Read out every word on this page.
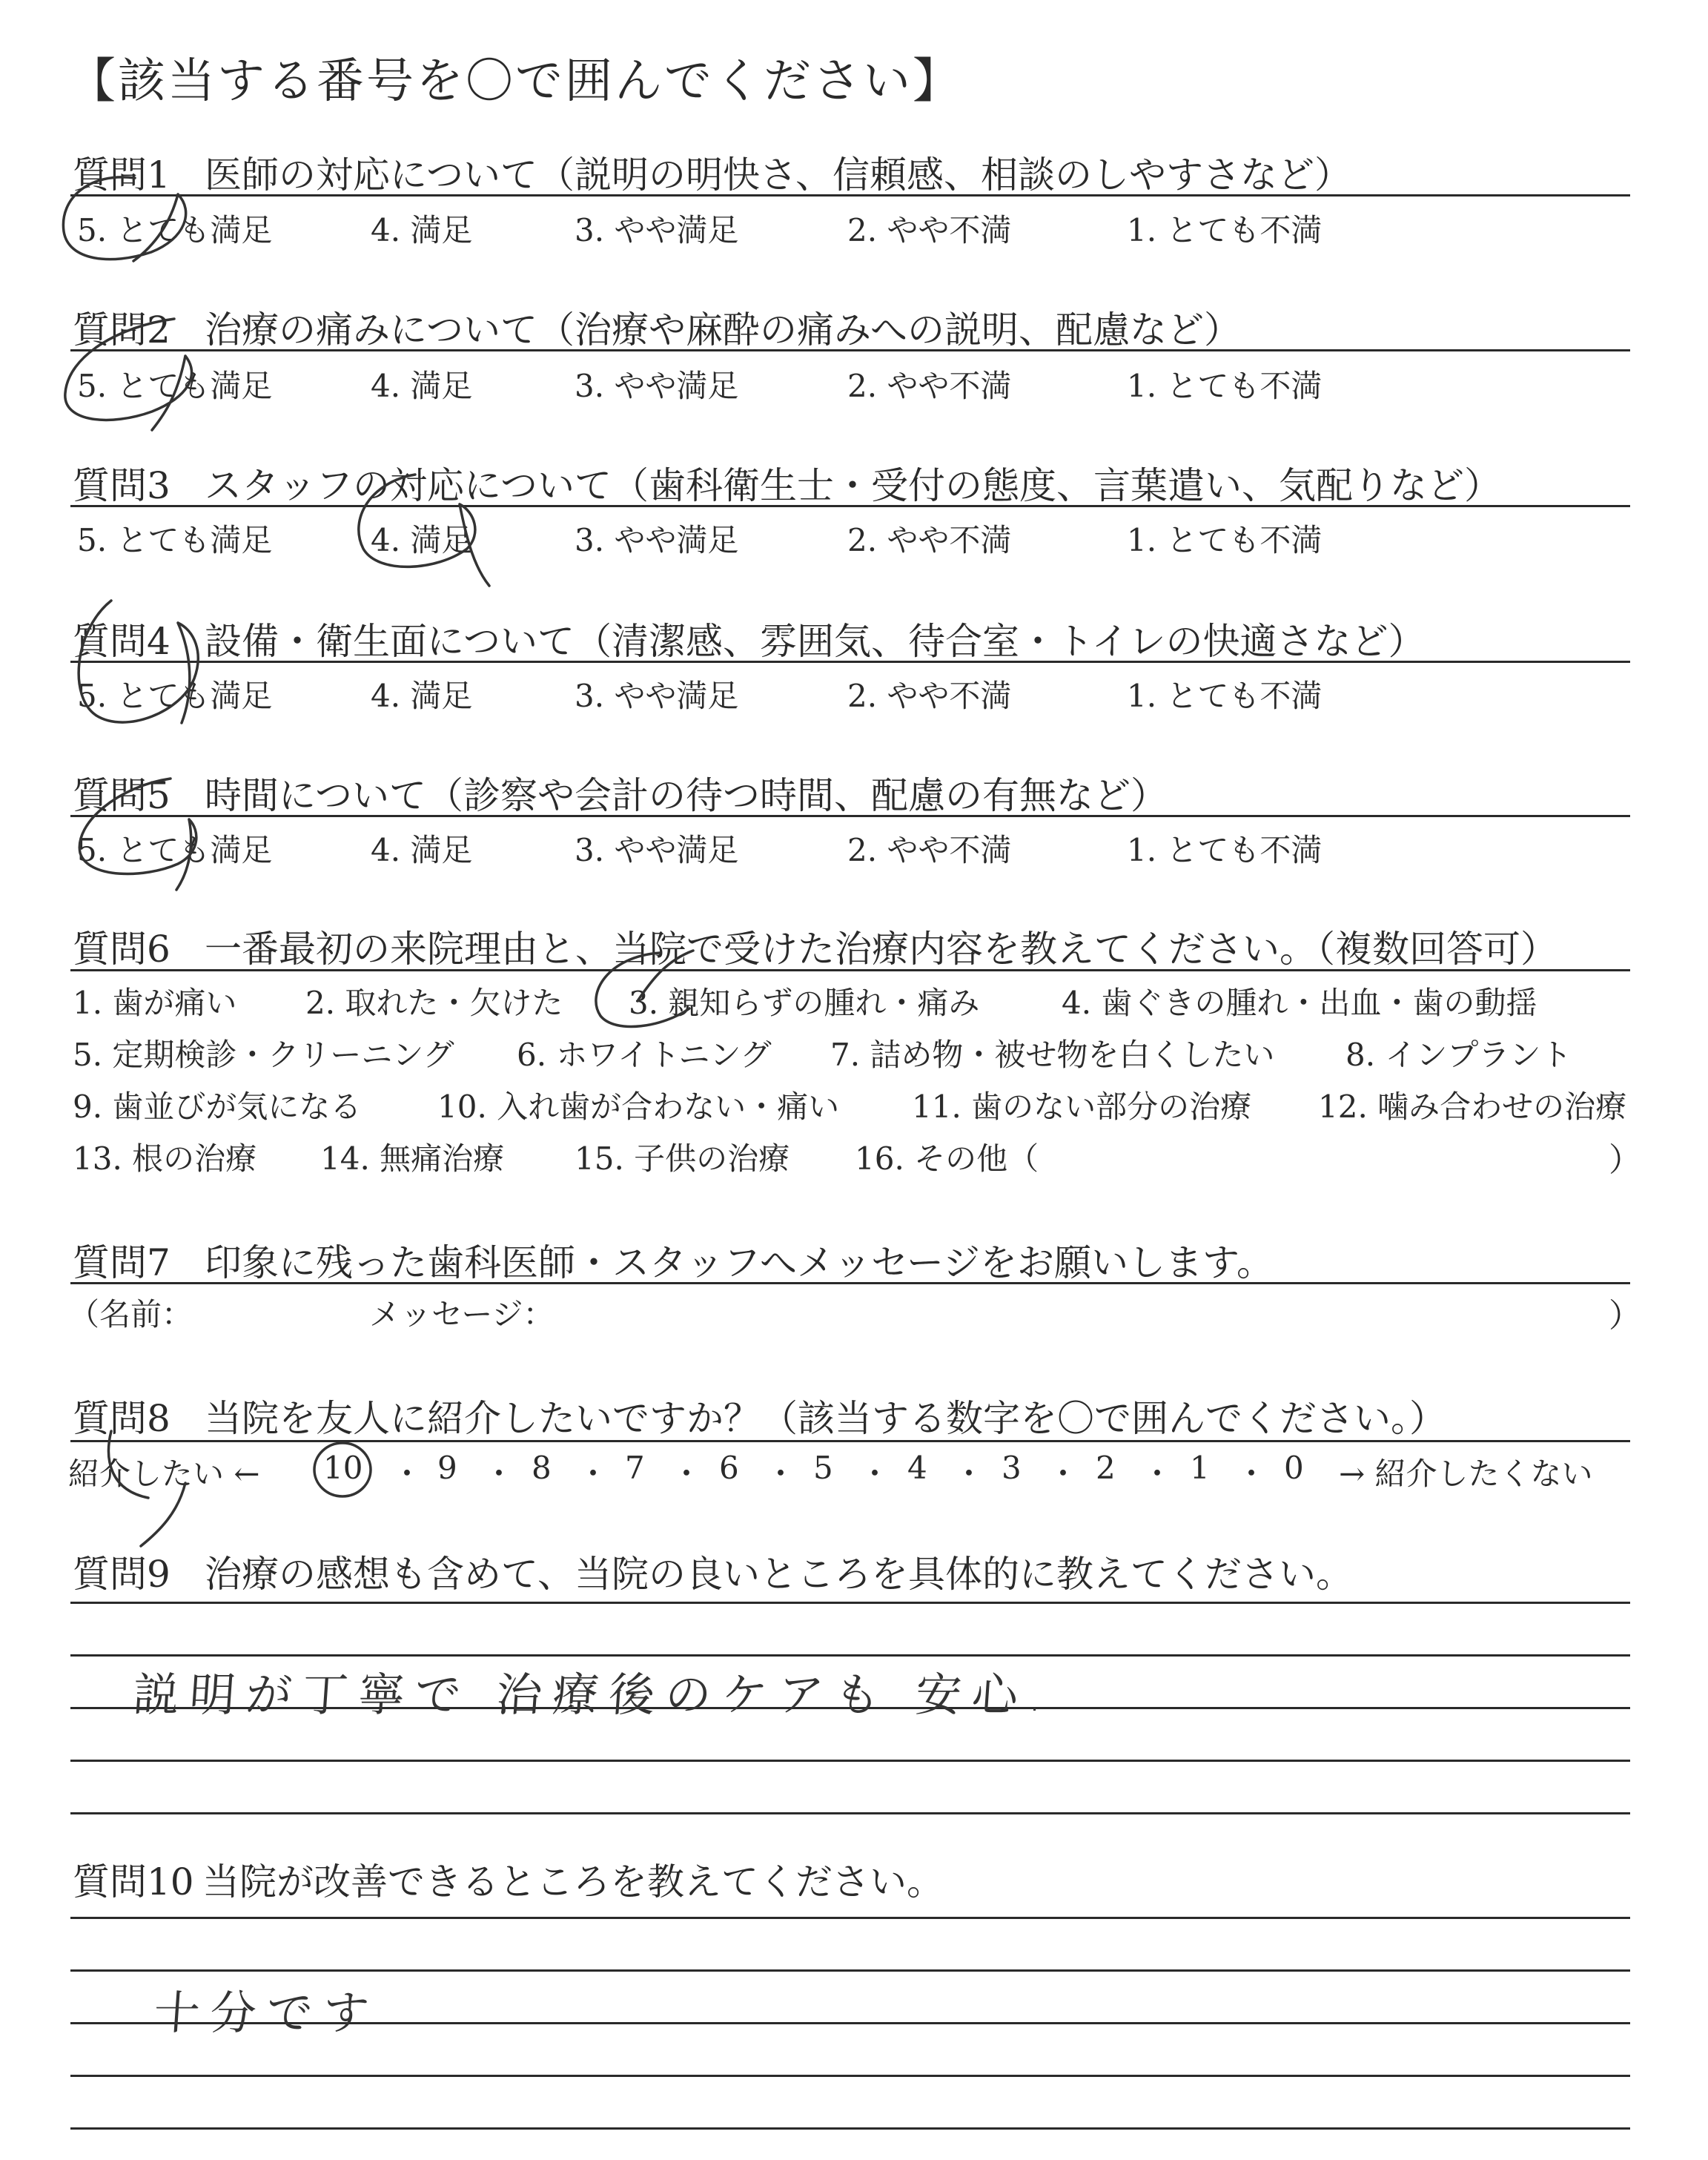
【該当する番号を〇で囲んでください】
質問1 医師の対応について（説明の明快さ、信頼感、相談のしやすさなど）
5. とても満足	4. 満足	3. やや満足	2. やや不満	1. とても不満
質問2 治療の痛みについて（治療や麻酔の痛みへの説明、配慮など）
5. とても満足	4. 満足	3. やや満足	2. やや不満	1. とても不満
質問3 スタッフの対応について（歯科衛生士・受付の態度、言葉遣い、気配りなど）
5. とても満足	4. 満足	3. やや満足	2. やや不満	1. とても不満
質問4 設備・衛生面について（清潔感、雰囲気、待合室・トイレの快適さなど）
5. とても満足	4. 満足	3. やや満足	2. やや不満	1. とても不満
質問5 時間について（診察や会計の待つ時間、配慮の有無など）
5. とても満足	4. 満足	3. やや満足	2. やや不満	1. とても不満
質問6 一番最初の来院理由と、当院で受けた治療内容を教えてください。（複数回答可）
1. 歯が痛い 2. 取れた・欠けた 3. 親知らずの腫れ・痛み	4. 歯ぐきの腫れ・出血・歯の動揺
5. 定期検診・クリーニング 6. ホワイトニング 7. 詰め物・被せ物を白くしたい 8. インプラント
9. 歯並びが気になる 10. 入れ歯が合わない・痛い 11. 歯のない部分の治療 12. 噛み合わせの治療
13. 根の治療 14. 無痛治療 15. 子供の治療 16. その他（	）
質問7 印象に残った歯科医師・スタッフへメッセージをお願いします。
（名前：	メッセージ：	）
質問8 当院を友人に紹介したいですか？（該当する数字を〇で囲んでください。）
紹介したい ← 10 ・ 9 ・ 8 ・ 7 ・ 6 ・ 5 ・ 4 ・ 3 ・ 2 ・ 1 ・ 0 → 紹介したくない
質問9 治療の感想も含めて、当院の良いところを具体的に教えてください。
説明が丁寧で 治療後のケアも 安心.
質問10 当院が改善できるところを教えてください。
十分です
